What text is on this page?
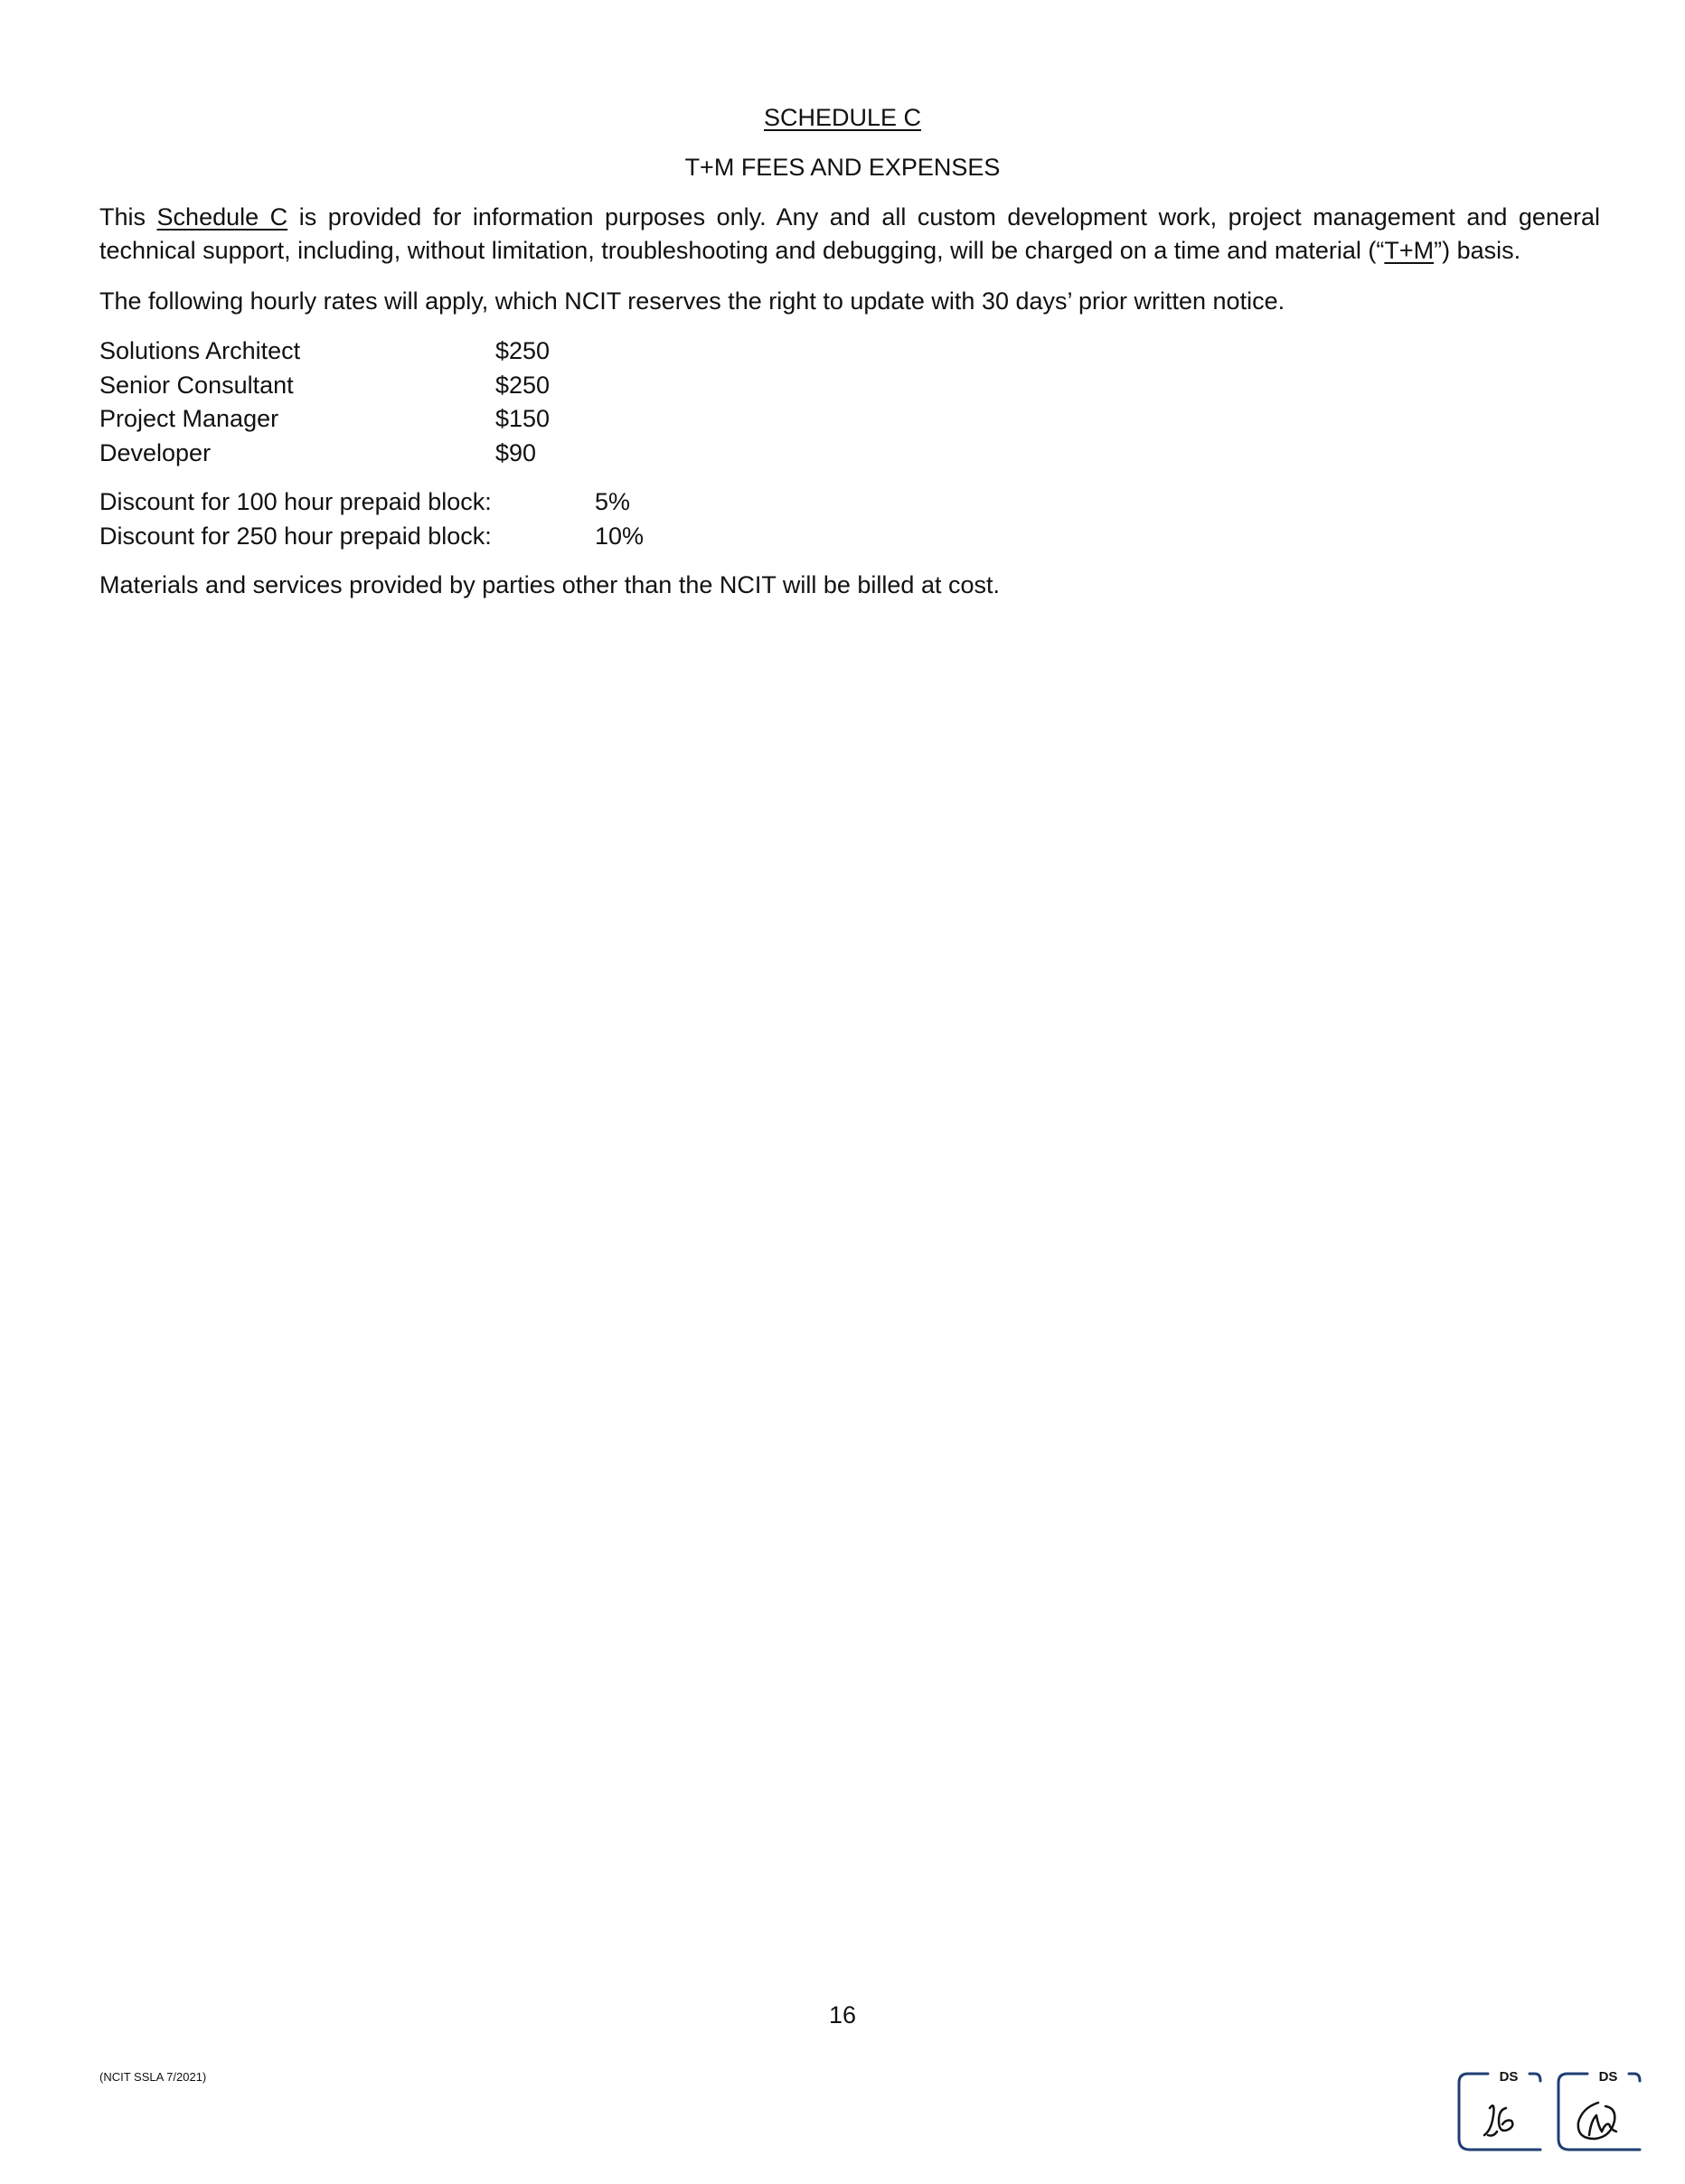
SCHEDULE C
T+M FEES AND EXPENSES
This Schedule C is provided for information purposes only. Any and all custom development work, project management and general technical support, including, without limitation, troubleshooting and debugging, will be charged on a time and material (“T+M”) basis.
The following hourly rates will apply, which NCIT reserves the right to update with 30 days’ prior written notice.
Solutions Architect	$250
Senior Consultant	$250
Project Manager	$150
Developer	$90
Discount for 100 hour prepaid block:	5%
Discount for 250 hour prepaid block:	10%
Materials and services provided by parties other than the NCIT will be billed at cost.
16
(NCIT SSLA 7/2021)	DS	DS
